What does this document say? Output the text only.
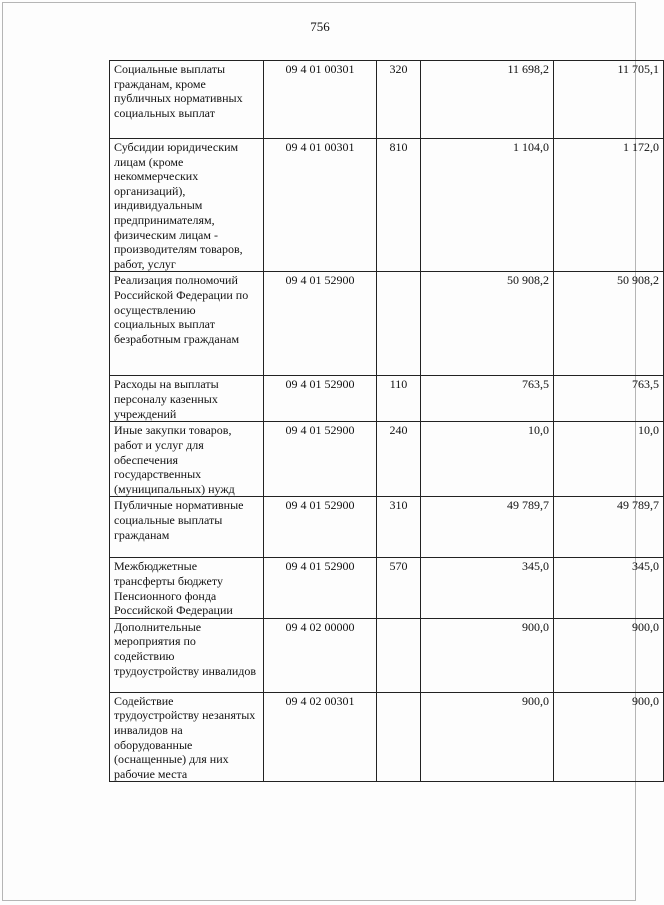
756
Социальные выплаты гражданам, кроме публичных нормативных социальных выплат	09 4 01 00301	320	11 698,2	11 705,1
Субсидии юридическим лицам (кроме некоммерческих организаций), индивидуальным предпринимателям, физическим лицам - производителям товаров, работ, услуг	09 4 01 00301	810	1 104,0	1 172,0
Реализация полномочий Российской Федерации по осуществлению социальных выплат безработным гражданам	09 4 01 52900		50 908,2	50 908,2
Расходы на выплаты персоналу казенных учреждений	09 4 01 52900	110	763,5	763,5
Иные закупки товаров, работ и услуг для обеспечения государственных (муниципальных) нужд	09 4 01 52900	240	10,0	10,0
Публичные нормативные социальные выплаты гражданам	09 4 01 52900	310	49 789,7	49 789,7
Межбюджетные трансферты бюджету Пенсионного фонда Российской Федерации	09 4 01 52900	570	345,0	345,0
Дополнительные мероприятия по содействию трудоустройству инвалидов	09 4 02 00000		900,0	900,0
Содействие трудоустройству незанятых инвалидов на оборудованные (оснащенные) для них рабочие места	09 4 02 00301		900,0	900,0
